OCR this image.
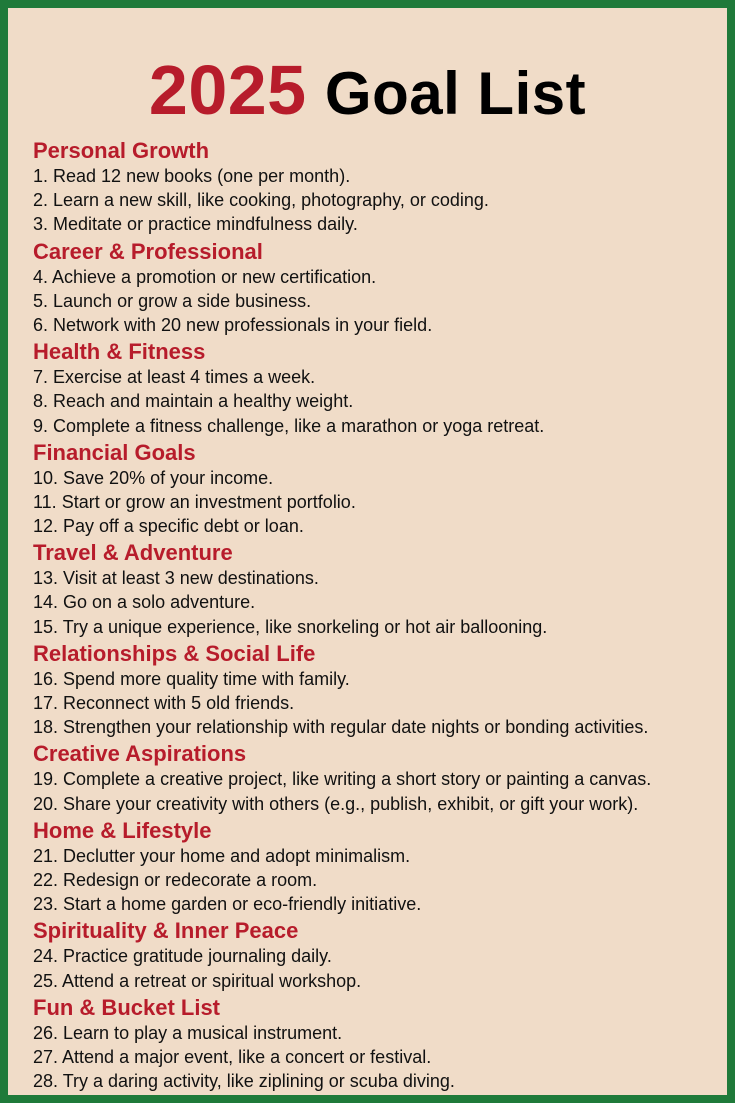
2025 Goal List
Personal Growth
1. Read 12 new books (one per month).
2. Learn a new skill, like cooking, photography, or coding.
3. Meditate or practice mindfulness daily.
Career & Professional
4. Achieve a promotion or new certification.
5. Launch or grow a side business.
6. Network with 20 new professionals in your field.
Health & Fitness
7. Exercise at least 4 times a week.
8. Reach and maintain a healthy weight.
9. Complete a fitness challenge, like a marathon or yoga retreat.
Financial Goals
10. Save 20% of your income.
11. Start or grow an investment portfolio.
12. Pay off a specific debt or loan.
Travel & Adventure
13. Visit at least 3 new destinations.
14. Go on a solo adventure.
15. Try a unique experience, like snorkeling or hot air ballooning.
Relationships & Social Life
16. Spend more quality time with family.
17. Reconnect with 5 old friends.
18. Strengthen your relationship with regular date nights or bonding activities.
Creative Aspirations
19. Complete a creative project, like writing a short story or painting a canvas.
20. Share your creativity with others (e.g., publish, exhibit, or gift your work).
Home & Lifestyle
21. Declutter your home and adopt minimalism.
22. Redesign or redecorate a room.
23. Start a home garden or eco-friendly initiative.
Spirituality & Inner Peace
24. Practice gratitude journaling daily.
25. Attend a retreat or spiritual workshop.
Fun & Bucket List
26. Learn to play a musical instrument.
27. Attend a major event, like a concert or festival.
28. Try a daring activity, like ziplining or scuba diving.
